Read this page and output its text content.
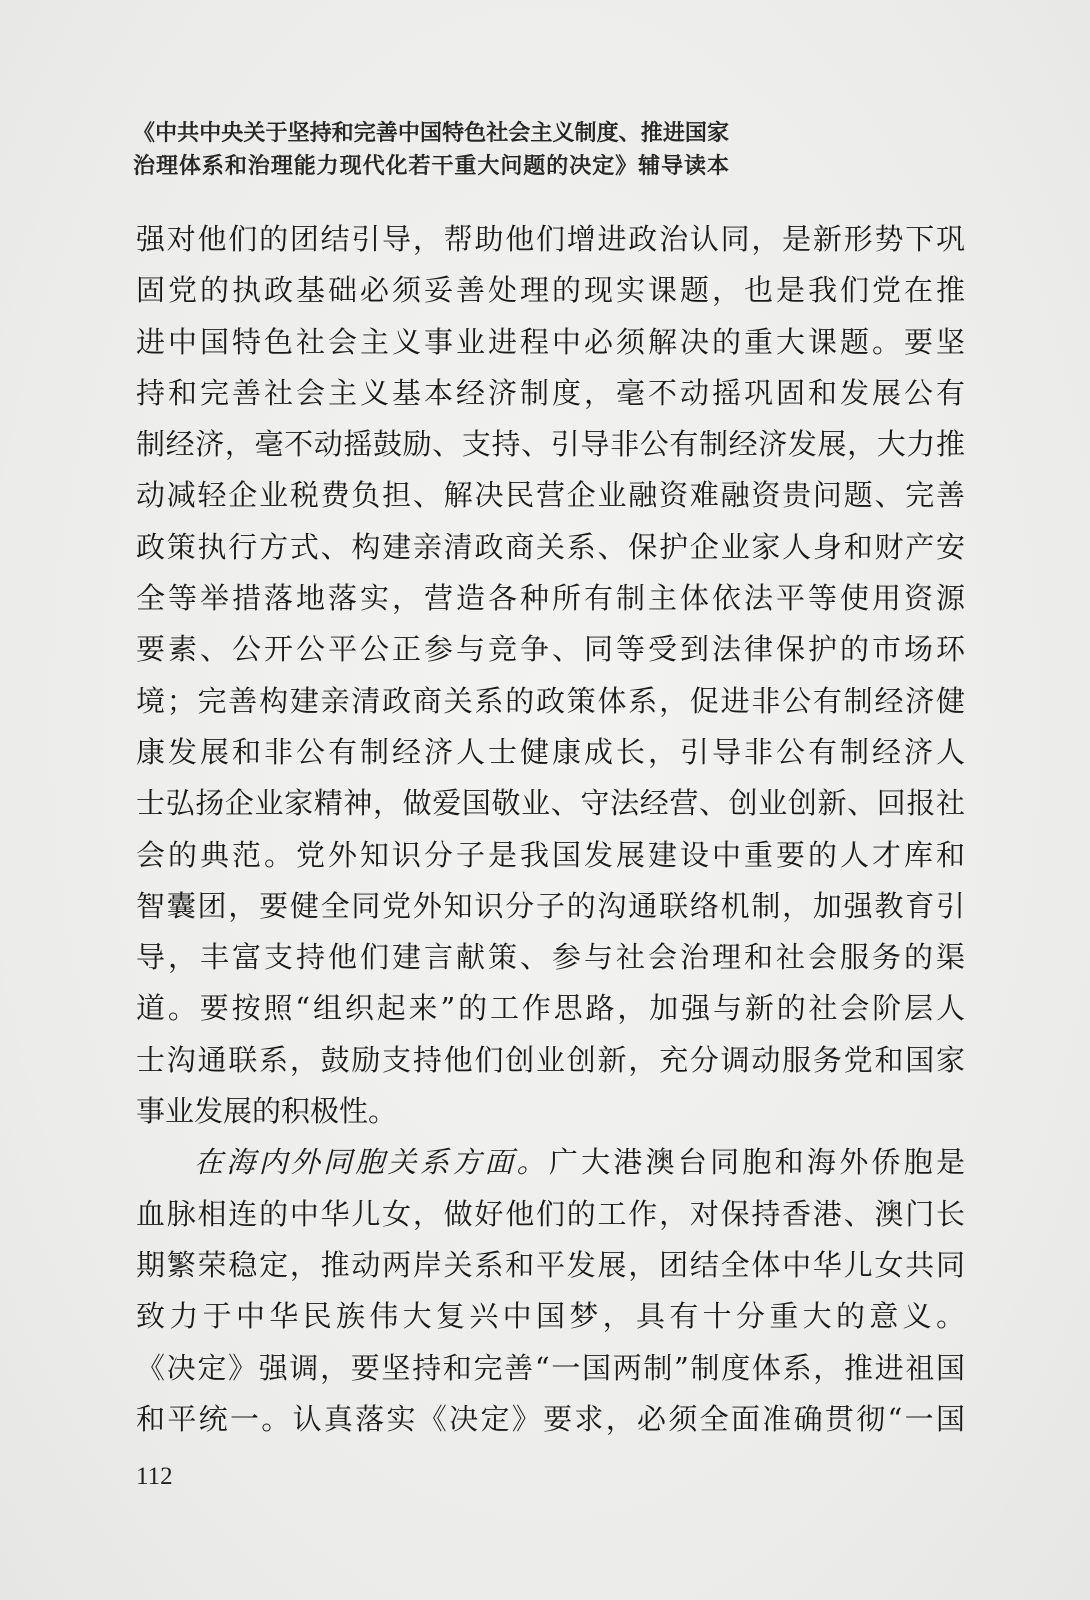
《中共中央关于坚持和完善中国特色社会主义制度、推进国家
治理体系和治理能力现代化若干重大问题的决定》辅导读本
强对他们的团结引导，帮助他们增进政治认同，是新形势下巩
固党的执政基础必须妥善处理的现实课题，也是我们党在推
进中国特色社会主义事业进程中必须解决的重大课题。要坚
持和完善社会主义基本经济制度，毫不动摇巩固和发展公有
制经济，毫不动摇鼓励、支持、引导非公有制经济发展，大力推
动减轻企业税费负担、解决民营企业融资难融资贵问题、完善
政策执行方式、构建亲清政商关系、保护企业家人身和财产安
全等举措落地落实，营造各种所有制主体依法平等使用资源
要素、公开公平公正参与竞争、同等受到法律保护的市场环
境；完善构建亲清政商关系的政策体系，促进非公有制经济健
康发展和非公有制经济人士健康成长，引导非公有制经济人
士弘扬企业家精神，做爱国敬业、守法经营、创业创新、回报社
会的典范。党外知识分子是我国发展建设中重要的人才库和
智囊团，要健全同党外知识分子的沟通联络机制，加强教育引
导，丰富支持他们建言献策、参与社会治理和社会服务的渠
道。要按照“组织起来”的工作思路，加强与新的社会阶层人
士沟通联系，鼓励支持他们创业创新，充分调动服务党和国家
事业发展的积极性。
在海内外同胞关系方面。广大港澳台同胞和海外侨胞是
血脉相连的中华儿女，做好他们的工作，对保持香港、澳门长
期繁荣稳定，推动两岸关系和平发展，团结全体中华儿女共同
致力于中华民族伟大复兴中国梦，具有十分重大的意义。
《决定》强调，要坚持和完善“一国两制”制度体系，推进祖国
和平统一。认真落实《决定》要求，必须全面准确贯彻“一国
112
